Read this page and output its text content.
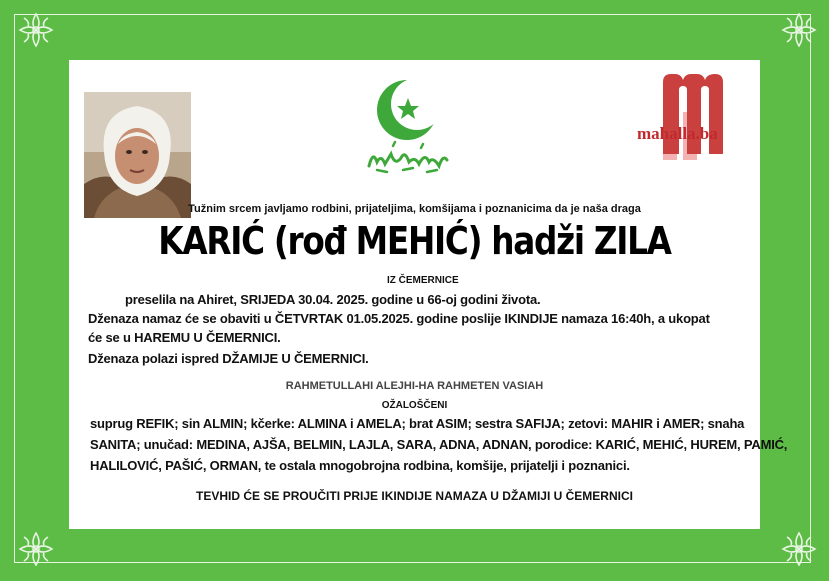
mahalla.ba
Tužnim srcem javljamo rodbini, prijateljima, komšijama i poznanicima da je naša draga
KARIĆ (rođ MEHIĆ) hadži ZILA
IZ ČEMERNICE
preselila na Ahiret, SRIJEDA 30.04. 2025. godine u 66-oj godini života.
Dženaza namaz će se obaviti u ČETVRTAK 01.05.2025. godine poslije IKINDIJE namaza 16:40h, a ukopat
će se u HAREMU U ČEMERNICI.
Dženaza polazi ispred DŽAMIJE U ČEMERNICI.
RAHMETULLAHI ALEJHI-HA RAHMETEN VASIAH
OŽALOŠČENI
suprug REFIK; sin ALMIN; kčerke: ALMINA i AMELA; brat ASIM; sestra SAFIJA; zetovi: MAHIR i AMER; snaha
SANITA; unučad: MEDINA, AJŠA, BELMIN, LAJLA, SARA, ADNA, ADNAN, porodice: KARIĆ, MEHIĆ, HUREM, PAMIĆ,
HALILOVIĆ, PAŠIĆ, ORMAN, te ostala mnogobrojna rodbina, komšije, prijatelji i poznanici.
TEVHID ĆE SE PROUČITI PRIJE IKINDIJE NAMAZA U DŽAMIJI U ČEMERNICI
